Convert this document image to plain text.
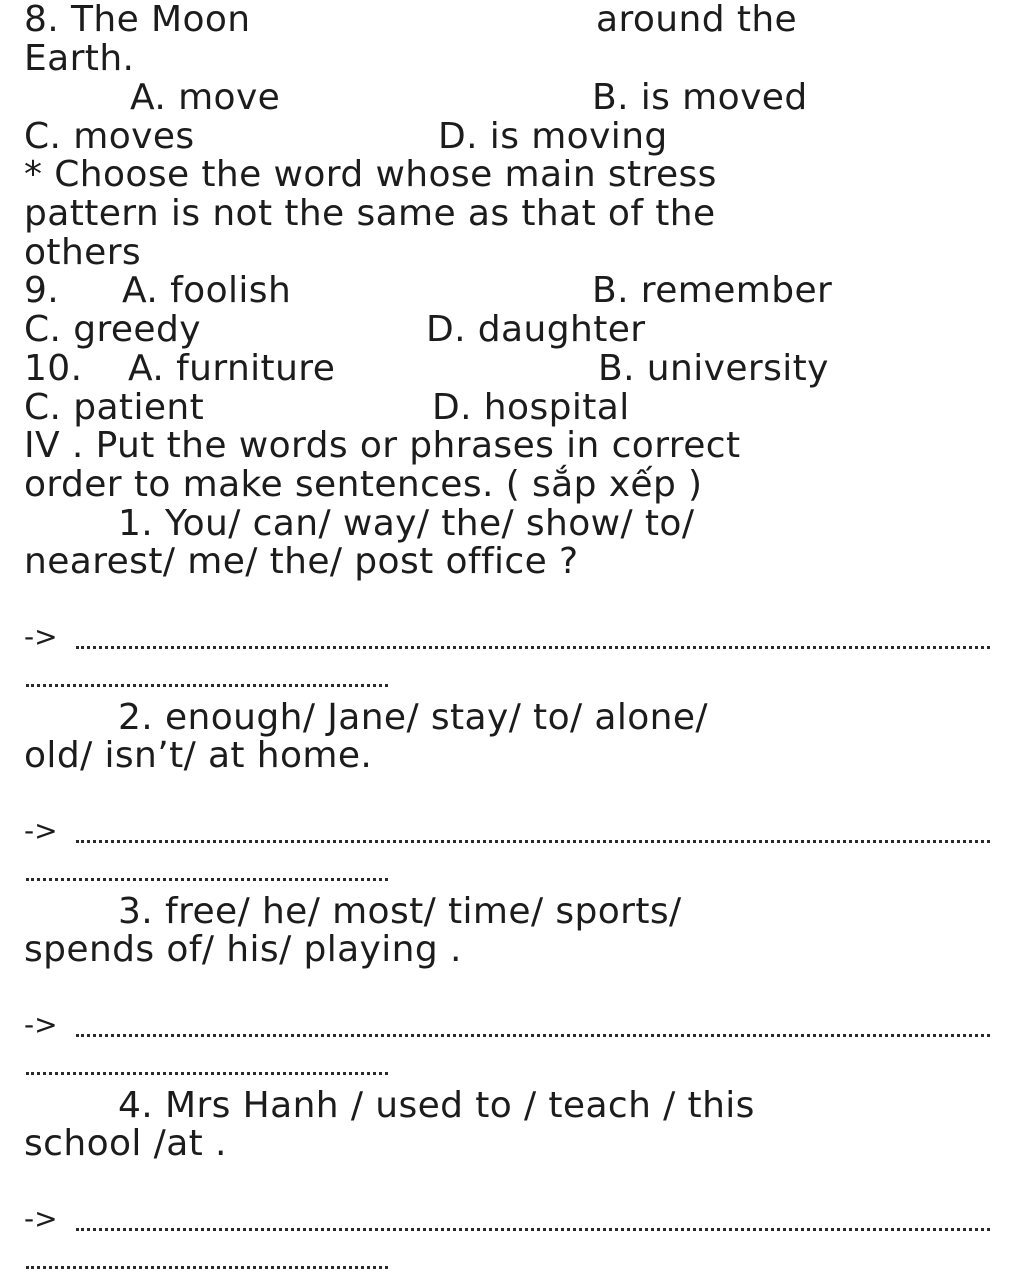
8. The Moon	around the
Earth.
A. move	B. is moved
C. moves	D. is moving
* Choose the word whose main stress
pattern is not the same as that of the
others
9. A. foolish	B. remember
C. greedy	D. daughter
10. A. furniture	B. university
C. patient	D. hospital
IV . Put the words or phrases in correct
order to make sentences. ( sắp xếp )
1. You/ can/ way/ the/ show/ to/
nearest/ me/ the/ post office ?
->
2. enough/ Jane/ stay/ to/ alone/
old/ isn’t/ at home.
->
3. free/ he/ most/ time/ sports/
spends of/ his/ playing .
->
4. Mrs Hanh / used to / teach / this
school /at .
->
